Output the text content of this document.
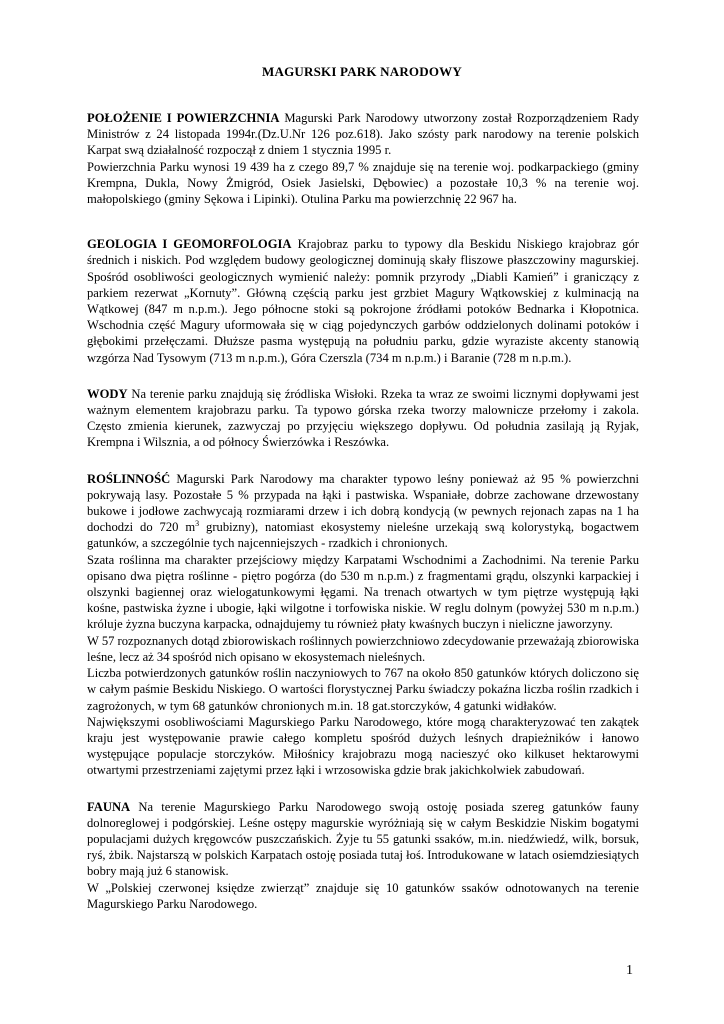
MAGURSKI PARK NARODOWY

POŁOŻENIE I POWIERZCHNIA Magurski Park Narodowy utworzony został Rozporządzeniem Rady Ministrów z 24 listopada 1994r.(Dz.U.Nr 126 poz.618). Jako szósty park narodowy na terenie polskich Karpat swą działalność rozpoczął z dniem 1 stycznia 1995 r.

Powierzchnia Parku wynosi 19 439 ha z czego 89,7 % znajduje się na terenie woj. podkarpackiego (gminy Krempna, Dukla, Nowy Żmigród, Osiek Jasielski, Dębowiec) a pozostałe 10,3 % na terenie woj. małopolskiego (gminy Sękowa i Lipinki). Otulina Parku ma powierzchnię 22 967 ha.

GEOLOGIA I GEOMORFOLOGIA Krajobraz parku to typowy dla Beskidu Niskiego krajobraz gór średnich i niskich. Pod względem budowy geologicznej dominują skały fliszowe płaszczowiny magurskiej. Spośród osobliwości geologicznych wymienić należy: pomnik przyrody „Diabli Kamień” i graniczący z parkiem rezerwat „Kornuty”. Główną częścią parku jest grzbiet Magury Wątkowskiej z kulminacją na Wątkowej (847 m n.p.m.). Jego północne stoki są pokrojone źródłami potoków Bednarka i Kłopotnica. Wschodnia część Magury uformowała się w ciąg pojedynczych garbów oddzielonych dolinami potoków i głębokimi przełęczami. Dłuższe pasma występują na południu parku, gdzie wyraziste akcenty stanowią wzgórza Nad Tysowym (713 m n.p.m.), Góra Czerszla (734 m n.p.m.) i Baranie (728 m n.p.m.).

WODY Na terenie parku znajdują się źródliska Wisłoki. Rzeka ta wraz ze swoimi licznymi dopływami jest ważnym elementem krajobrazu parku. Ta typowo górska rzeka tworzy malownicze przełomy i zakola. Często zmienia kierunek, zazwyczaj po przyjęciu większego dopływu. Od południa zasilają ją Ryjak, Krempna i Wilsznia, a od północy Świerzówka i Reszówka.

ROŚLINNOŚĆ Magurski Park Narodowy ma charakter typowo leśny ponieważ aż 95 % powierzchni pokrywają lasy. Pozostałe 5 % przypada na łąki i pastwiska. Wspaniałe, dobrze zachowane drzewostany bukowe i jodłowe zachwycają rozmiarami drzew i ich dobrą kondycją (w pewnych rejonach zapas na 1 ha dochodzi do 720 $m^3$ grubizny), natomiast ekosystemy nieleśne urzekają swą kolorystyką, bogactwem gatunków, a szczególnie tych najcenniejszych - rzadkich i chronionych.

Szata roślinna ma charakter przejściowy między Karpatami Wschodnimi a Zachodnimi. Na terenie Parku opisano dwa piętra roślinne - piętro pogórza (do 530 m n.p.m.) z fragmentami grądu, olszynki karpackiej i olszynki bagiennej oraz wielogatunkowymi łęgami. Na trenach otwartych w tym piętrze występują łąki kośne, pastwiska żyzne i ubogie, łąki wilgotne i torfowiska niskie. W reglu dolnym (powyżej 530 m n.p.m.) króluje żyzna buczyna karpacka, odnajdujemy tu również płaty kwaśnych buczyn i nieliczne jaworzyny.

W 57 rozpoznanych dotąd zbiorowiskach roślinnych powierzchniowo zdecydowanie przeważają zbiorowiska leśne, lecz aż 34 spośród nich opisano w ekosystemach nieleśnych.

Liczba potwierdzonych gatunków roślin naczyniowych to 767 na około 850 gatunków których doliczono się w całym paśmie Beskidu Niskiego. O wartości florystycznej Parku świadczy pokaźna liczba roślin rzadkich i zagrożonych, w tym 68 gatunków chronionych m.in. 18 gat.storczyków, 4 gatunki widłaków.

Największymi osobliwościami Magurskiego Parku Narodowego, które mogą charakteryzować ten zakątek kraju jest występowanie prawie całego kompletu spośród dużych leśnych drapieżników i łanowo występujące populacje storczyków. Miłośnicy krajobrazu mogą nacieszyć oko kilkuset hektarowymi otwartymi przestrzeniami zajętymi przez łąki i wrzosowiska gdzie brak jakichkolwiek zabudowań.

FAUNA Na terenie Magurskiego Parku Narodowego swoją ostoję posiada szereg gatunków fauny dolnoreglowej i podgórskiej. Leśne ostępy magurskie wyróżniają się w całym Beskidzie Niskim bogatymi populacjami dużych kręgowców puszczańskich. Żyje tu 55 gatunki ssaków, m.in. niedźwiedź, wilk, borsuk, ryś, żbik. Najstarszą w polskich Karpatach ostoję posiada tutaj łoś. Introdukowane w latach osiemdziesiątych bobry mają już 6 stanowisk.

W „Polskiej czerwonej księdze zwierząt” znajduje się 10 gatunków ssaków odnotowanych na terenie Magurskiego Parku Narodowego.

1
